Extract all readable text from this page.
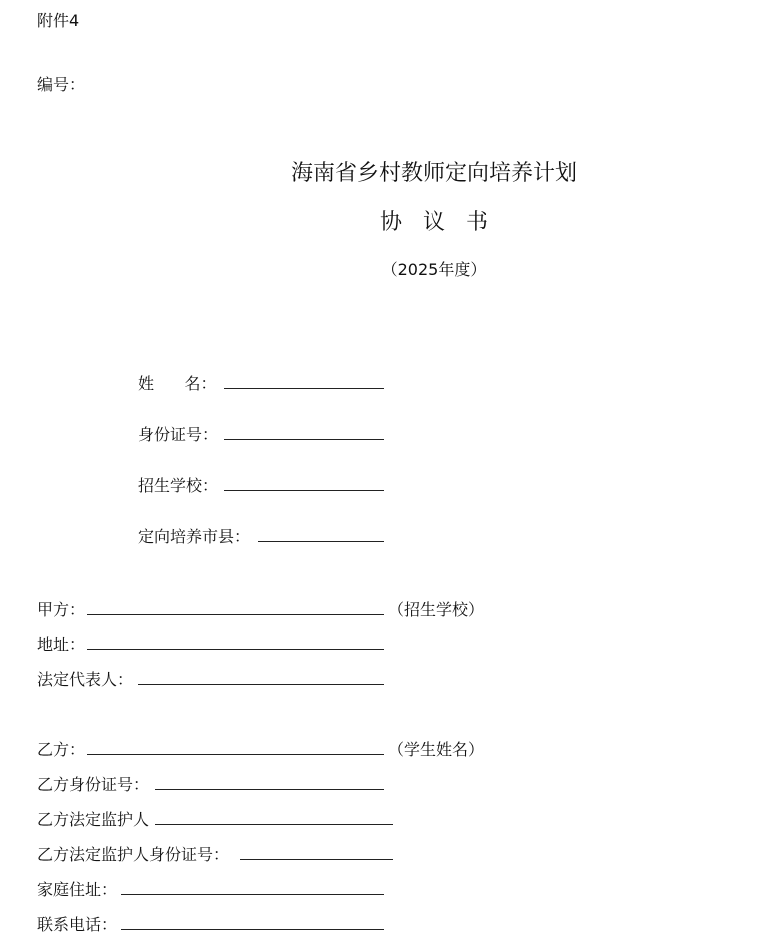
附件4
编号：
海南省乡村教师定向培养计划
协   议   书
（2025年度）
姓      名：
身份证号：
招生学校：
定向培养市县：
甲方：	（招生学校）
地址：
法定代表人：
乙方：	（学生姓名）
乙方身份证号：
乙方法定监护人
乙方法定监护人身份证号：
家庭住址：
联系电话：
